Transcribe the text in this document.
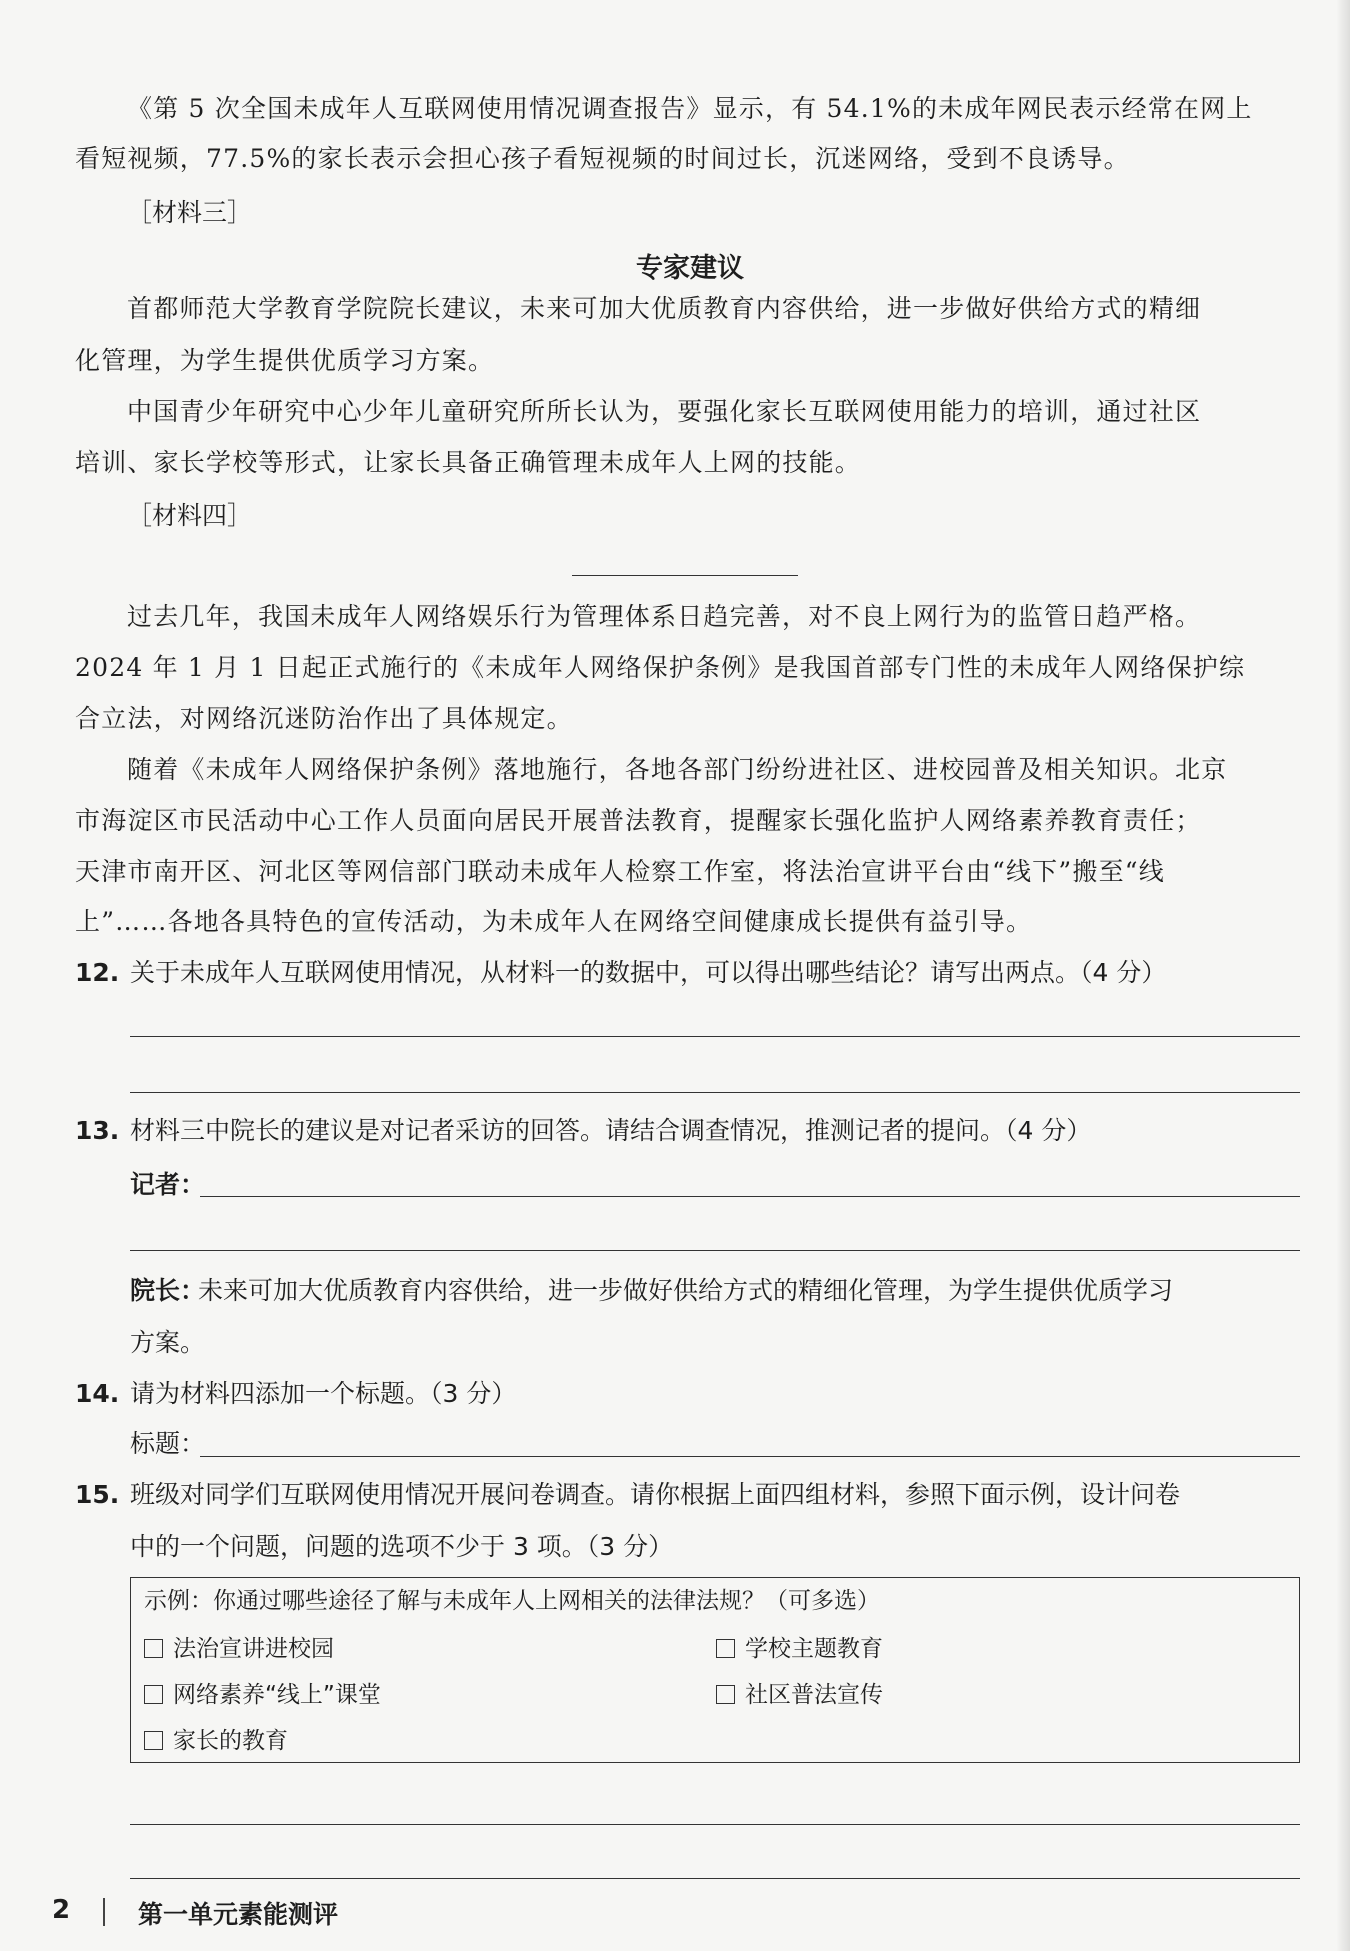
《第 5 次全国未成年人互联网使用情况调查报告》显示，有 54.1%的未成年网民表示经常在网上
看短视频，77.5%的家长表示会担心孩子看短视频的时间过长，沉迷网络，受到不良诱导。
［材料三］
专家建议
首都师范大学教育学院院长建议，未来可加大优质教育内容供给，进一步做好供给方式的精细
化管理，为学生提供优质学习方案。
中国青少年研究中心少年儿童研究所所长认为，要强化家长互联网使用能力的培训，通过社区
培训、家长学校等形式，让家长具备正确管理未成年人上网的技能。
［材料四］
过去几年，我国未成年人网络娱乐行为管理体系日趋完善，对不良上网行为的监管日趋严格。
2024 年 1 月 1 日起正式施行的《未成年人网络保护条例》是我国首部专门性的未成年人网络保护综
合立法，对网络沉迷防治作出了具体规定。
随着《未成年人网络保护条例》落地施行，各地各部门纷纷进社区、进校园普及相关知识。北京
市海淀区市民活动中心工作人员面向居民开展普法教育，提醒家长强化监护人网络素养教育责任；
天津市南开区、河北区等网信部门联动未成年人检察工作室，将法治宣讲平台由“线下”搬至“线
上”……各地各具特色的宣传活动，为未成年人在网络空间健康成长提供有益引导。
12. 关于未成年人互联网使用情况，从材料一的数据中，可以得出哪些结论？请写出两点。（4 分）
13. 材料三中院长的建议是对记者采访的回答。请结合调查情况，推测记者的提问。（4 分）
记者：
院长：
未来可加大优质教育内容供给，进一步做好供给方式的精细化管理，为学生提供优质学习
方案。
14. 请为材料四添加一个标题。（3 分）
标题：
15. 班级对同学们互联网使用情况开展问卷调查。请你根据上面四组材料，参照下面示例，设计问卷
中的一个问题，问题的选项不少于 3 项。（3 分）
示例：你通过哪些途径了解与未成年人上网相关的法律法规？（可多选）
法治宣讲进校园	学校主题教育
网络素养“线上”课堂	社区普法宣传
家长的教育
2	第一单元素能测评
